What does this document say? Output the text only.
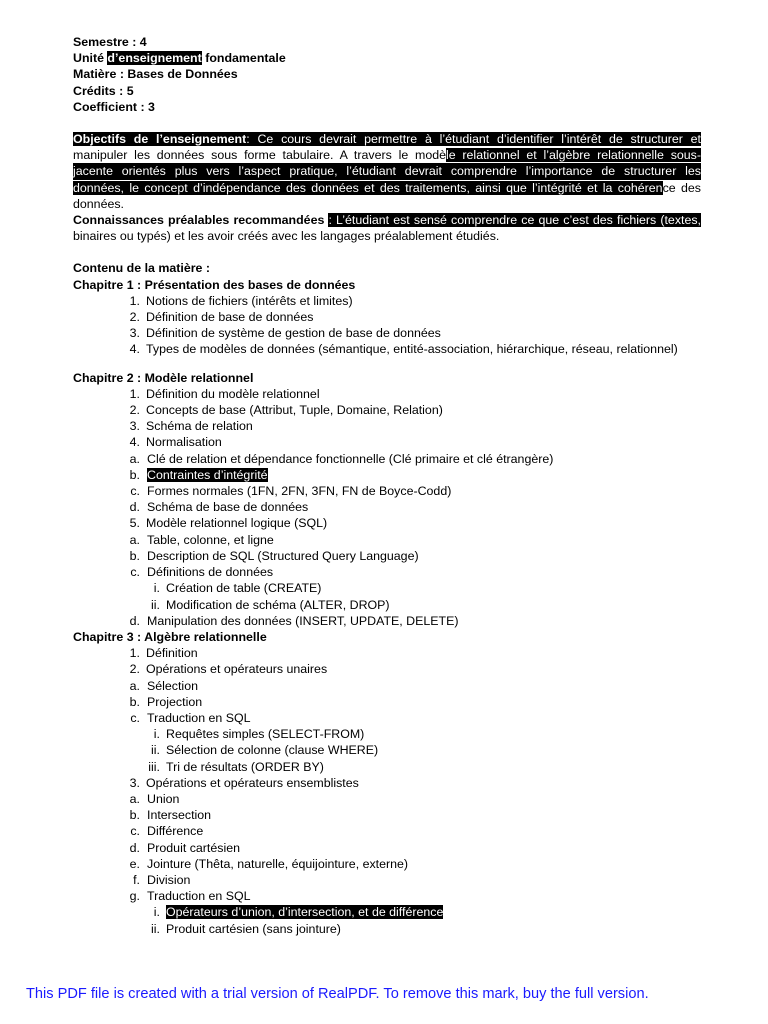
Semestre : 4
Unité d’enseignement fondamentale
Matière : Bases de Données
Crédits : 5
Coefficient : 3
Objectifs de l’enseignement: Ce cours devrait permettre à l’étudiant d’identifier l’intérêt de structurer et
manipuler les données sous forme tabulaire. A travers le modèle relationnel et l’algèbre relationnelle sous-
jacente orientés plus vers l’aspect pratique, l’étudiant devrait comprendre l’importance de structurer les
données, le concept d’indépendance des données et des traitements, ainsi que l’intégrité et la cohérence des
données.
Connaissances préalables recommandées : L’étudiant est sensé comprendre ce que c’est des fichiers (textes,
binaires ou typés) et les avoir créés avec les langages préalablement étudiés.
Contenu de la matière :
Chapitre 1 : Présentation des bases de données
1. Notions de fichiers (intérêts et limites)
2. Définition de base de données
3. Définition de système de gestion de base de données
4. Types de modèles de données (sémantique, entité-association, hiérarchique, réseau, relationnel)
Chapitre 2 : Modèle relationnel
1. Définition du modèle relationnel
2. Concepts de base (Attribut, Tuple, Domaine, Relation)
3. Schéma de relation
4. Normalisation
a. Clé de relation et dépendance fonctionnelle (Clé primaire et clé étrangère)
b. Contraintes d’intégrité
c. Formes normales (1FN, 2FN, 3FN, FN de Boyce-Codd)
d. Schéma de base de données
5. Modèle relationnel logique (SQL)
a. Table, colonne, et ligne
b. Description de SQL (Structured Query Language)
c. Définitions de données
i. Création de table (CREATE)
ii. Modification de schéma (ALTER, DROP)
d. Manipulation des données (INSERT, UPDATE, DELETE)
Chapitre 3 : Algèbre relationnelle
1. Définition
2. Opérations et opérateurs unaires
a. Sélection
b. Projection
c. Traduction en SQL
i. Requêtes simples (SELECT-FROM)
ii. Sélection de colonne (clause WHERE)
iii. Tri de résultats (ORDER BY)
3. Opérations et opérateurs ensemblistes
a. Union
b. Intersection
c. Différence
d. Produit cartésien
e. Jointure (Thêta, naturelle, équijointure, externe)
f. Division
g. Traduction en SQL
i. Opérateurs d’union, d’intersection, et de différence
ii. Produit cartésien (sans jointure)
This PDF file is created with a trial version of RealPDF. To remove this mark, buy the full version.
